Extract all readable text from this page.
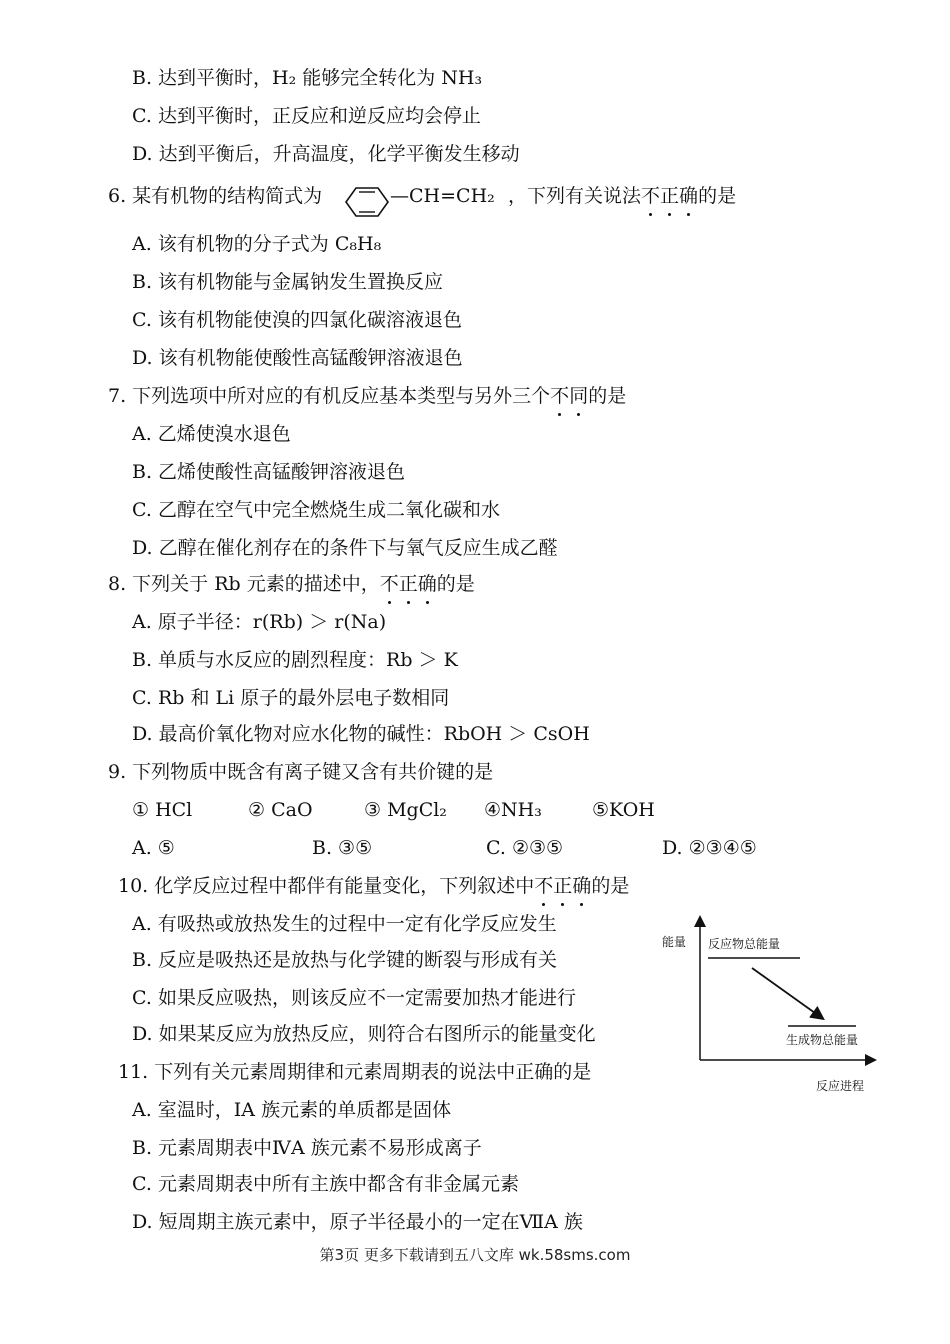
B. 达到平衡时，H₂ 能够完全转化为 NH₃
C. 达到平衡时，正反应和逆反应均会停止
D. 达到平衡后，升高温度，化学平衡发生移动
6. 某有机物的结构简式为	—CH=CH₂ ，下列有关说法不正确的是
A. 该有机物的分子式为 C₈H₈
B. 该有机物能与金属钠发生置换反应
C. 该有机物能使溴的四氯化碳溶液退色
D. 该有机物能使酸性高锰酸钾溶液退色
7. 下列选项中所对应的有机反应基本类型与另外三个不同的是
A. 乙烯使溴水退色
B. 乙烯使酸性高锰酸钾溶液退色
C. 乙醇在空气中完全燃烧生成二氧化碳和水
D. 乙醇在催化剂存在的条件下与氧气反应生成乙醛
8. 下列关于 Rb 元素的描述中，不正确的是
A. 原子半径：r(Rb) ＞ r(Na)
B. 单质与水反应的剧烈程度：Rb ＞ K
C. Rb 和 Li 原子的最外层电子数相同
D. 最高价氧化物对应水化物的碱性：RbOH ＞ CsOH
9. 下列物质中既含有离子键又含有共价键的是
① HCl	② CaO	③ MgCl₂ ④NH₃	⑤KOH
A. ⑤	B. ③⑤	C. ②③⑤	D. ②③④⑤
10. 化学反应过程中都伴有能量变化，下列叙述中不正确的是
A. 有吸热或放热发生的过程中一定有化学反应发生
B. 反应是吸热还是放热与化学键的断裂与形成有关
C. 如果反应吸热，则该反应不一定需要加热才能进行
D. 如果某反应为放热反应，则符合右图所示的能量变化
能量 反应物总能量
生成物总能量
反应进程
11. 下列有关元素周期律和元素周期表的说法中正确的是
A. 室温时，IA 族元素的单质都是固体
B. 元素周期表中ⅣA 族元素不易形成离子
C. 元素周期表中所有主族中都含有非金属元素
D. 短周期主族元素中，原子半径最小的一定在ⅦA 族
第3页 更多下载请到五八文库 wk.58sms.com
